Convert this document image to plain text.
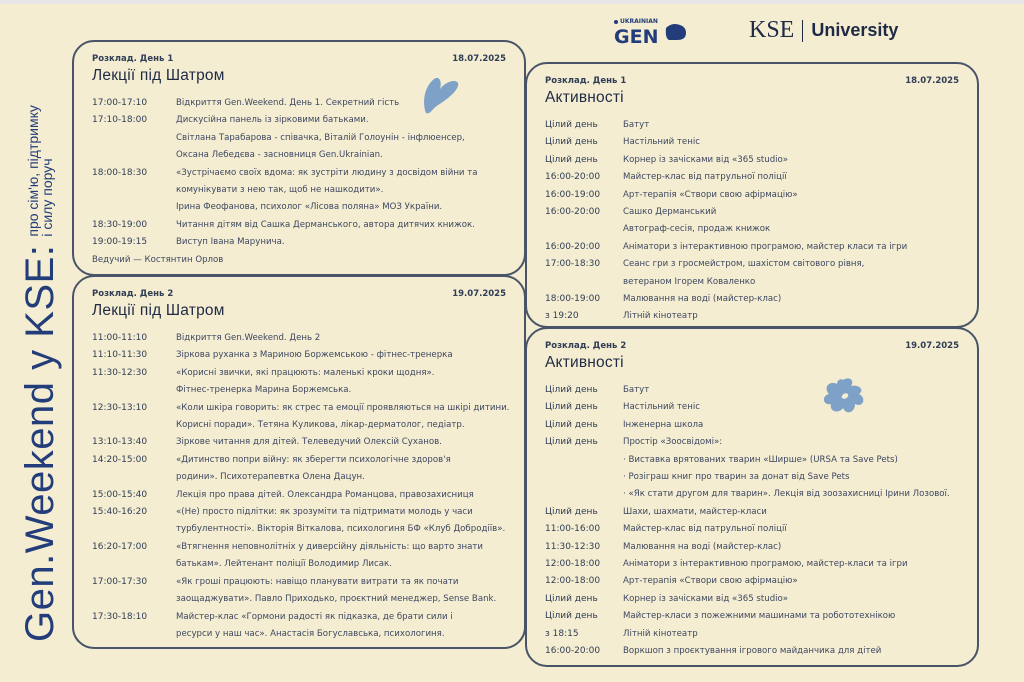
Gen.Weekend у KSE:
про сім'ю, підтримку
і силу поруч
UKRAINIAN
GEN	KSE University
Розклад. День 1	18.07.2025
Лекції під Шатром
17:00-17:10	Відкриття Gen.Weekend. День 1. Секретний гість
17:10-18:00	Дискусійна панель із зірковими батьками.
Світлана Тарабарова - співачка, Віталій Голоунін - інфлюенсер,
Оксана Лебедєва - засновниця Gen.Ukrainian.
18:00-18:30	«Зустрічаємо своїх вдома: як зустріти людину з досвідом війни та
комунікувати з нею так, щоб не нашкодити».
Ірина Феофанова, психолог «Лісова поляна» МОЗ України.
18:30-19:00	Читання дітям від Сашка Дерманського, автора дитячих книжок.
19:00-19:15	Виступ Івана Марунича.
Ведучий — Костянтин Орлов
Розклад. День 2	19.07.2025
Лекції під Шатром
11:00-11:10	Відкриття Gen.Weekend. День 2
11:10-11:30	Зіркова руханка з Мариною Боржемською - фітнес-тренерка
11:30-12:30	«Корисні звички, які працюють: маленькі кроки щодня».
Фітнес-тренерка Марина Боржемська.
12:30-13:10	«Коли шкіра говорить: як стрес та емоції проявляються на шкірі дитини.
Корисні поради». Тетяна Куликова, лікар-дерматолог, педіатр.
13:10-13:40	Зіркове читання для дітей. Телеведучий Олексій Суханов.
14:20-15:00	«Дитинство попри війну: як зберегти психологічне здоров'я
родини». Психотерапевтка Олена Дацун.
15:00-15:40	Лекція про права дітей. Олександра Романцова, правозахисниця
15:40-16:20	«(Не) просто підлітки: як зрозуміти та підтримати молодь у часи
турбулентності». Вікторія Віткалова, психологиня БФ «Клуб Добродіїв».
16:20-17:00	«Втягнення неповнолітніх у диверсійну діяльність: що варто знати
батькам». Лейтенант поліції Володимир Лисак.
17:00-17:30	«Як гроші працюють: навіщо планувати витрати та як почати
заощаджувати». Павло Приходько, проєктний менеджер, Sense Bank.
17:30-18:10	Майстер-клас «Гормони радості як підказка, де брати сили і
ресурси у наш час». Анастасія Богуславська, психологиня.
Розклад. День 1	18.07.2025
Активності
Цілий день	Батут
Цілий день	Настільний теніс
Цілий день	Корнер із зачісками від «365 studio»
16:00-20:00	Майстер-клас від патрульної поліції
16:00-19:00	Арт-терапія «Створи свою афірмацію»
16:00-20:00	Сашко Дерманський
Автограф-сесія, продаж книжок
16:00-20:00	Аніматори з інтерактивною програмою, майстер класи та ігри
17:00-18:30	Сеанс гри з гросмейстром, шахістом світового рівня,
ветераном Ігорем Коваленко
18:00-19:00	Малювання на воді (майстер-клас)
з 19:20	Літній кінотеатр
Розклад. День 2	19.07.2025
Активності
Цілий день	Батут
Цілий день	Настільний теніс
Цілий день	Інженерна школа
Цілий день	Простір «Зоосвідомі»:
· Виставка врятованих тварин «Ширше» (URSA та Save Pets)
· Розіграш книг про тварин за донат від Save Pets
· «Як стати другом для тварин». Лекція від зоозахисниці Ірини Лозової.
Цілий день	Шахи, шахмати, майстер-класи
11:00-16:00	Майстер-клас від патрульної поліції
11:30-12:30	Малювання на воді (майстер-клас)
12:00-18:00	Аніматори з інтерактивною програмою, майстер-класи та ігри
12:00-18:00	Арт-терапія «Створи свою афірмацію»
Цілий день	Корнер із зачісками від «365 studio»
Цілий день	Майстер-класи з пожежними машинами та робототехнікою
з 18:15	Літній кінотеатр
16:00-20:00	Воркшоп з проєктування ігрового майданчика для дітей
